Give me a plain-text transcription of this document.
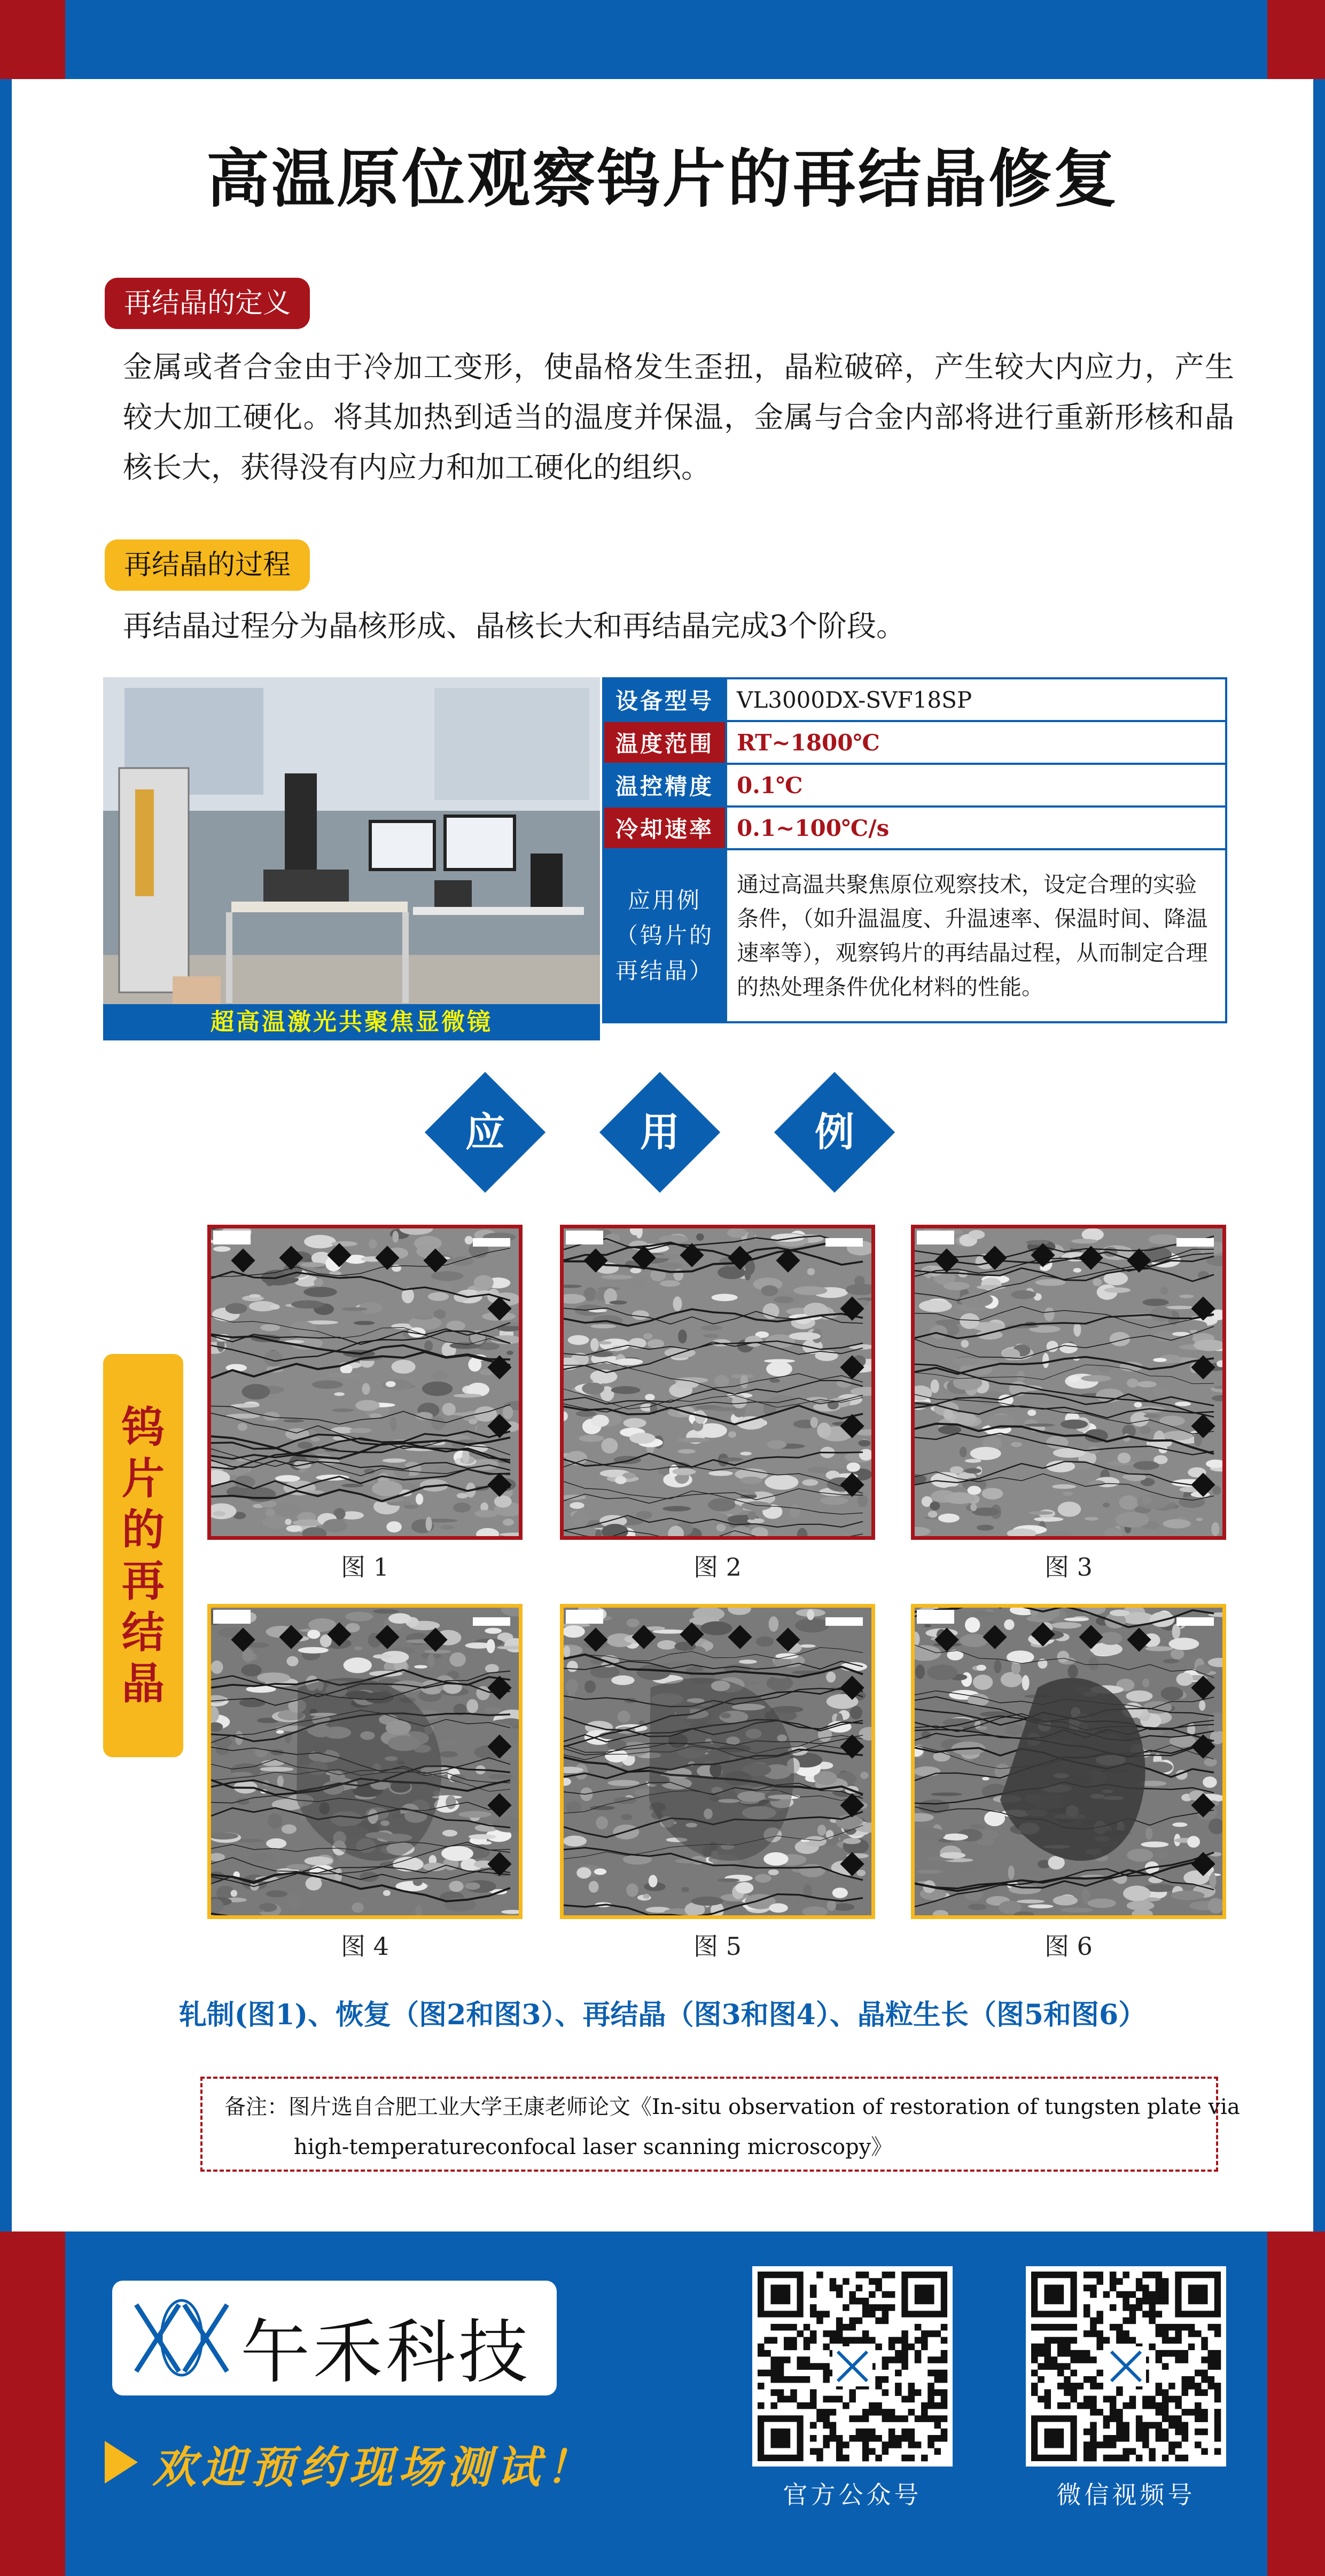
高温原位观察钨片的再结晶修复
再结晶的定义
金属或者合金由于冷加工变形，使晶格发生歪扭，晶粒破碎，产生较大内应力，产生较大加工硬化。将其加热到适当的温度并保温，金属与合金内部将进行重新形核和晶核长大，获得没有内应力和加工硬化的组织。
再结晶的过程
再结晶过程分为晶核形成、晶核长大和再结晶完成3个阶段。
超高温激光共聚焦显微镜
设备型号	VL3000DX-SVF18SP
温度范围	RT~1800℃
温控精度	0.1℃
冷却速率	0.1~100℃/s
应用例（钨片的再结晶）	通过高温共聚焦原位观察技术，设定合理的实验条件，（如升温温度、升温速率、保温时间、降温速率等），观察钨片的再结晶过程，从而制定合理的热处理条件优化材料的性能。
应	用	例
钨片的再结晶
图 1	图 2	图 3
图 4	图 5	图 6
轧制(图1)、恢复（图2和图3）、再结晶（图3和图4）、晶粒生长（图5和图6）
备注：图片选自合肥工业大学王康老师论文《In-situ observation of restoration of tungsten plate via
high-temperatureconfocal laser scanning microscopy》
午禾科技
欢迎预约现场测试！
官方公众号	微信视频号
